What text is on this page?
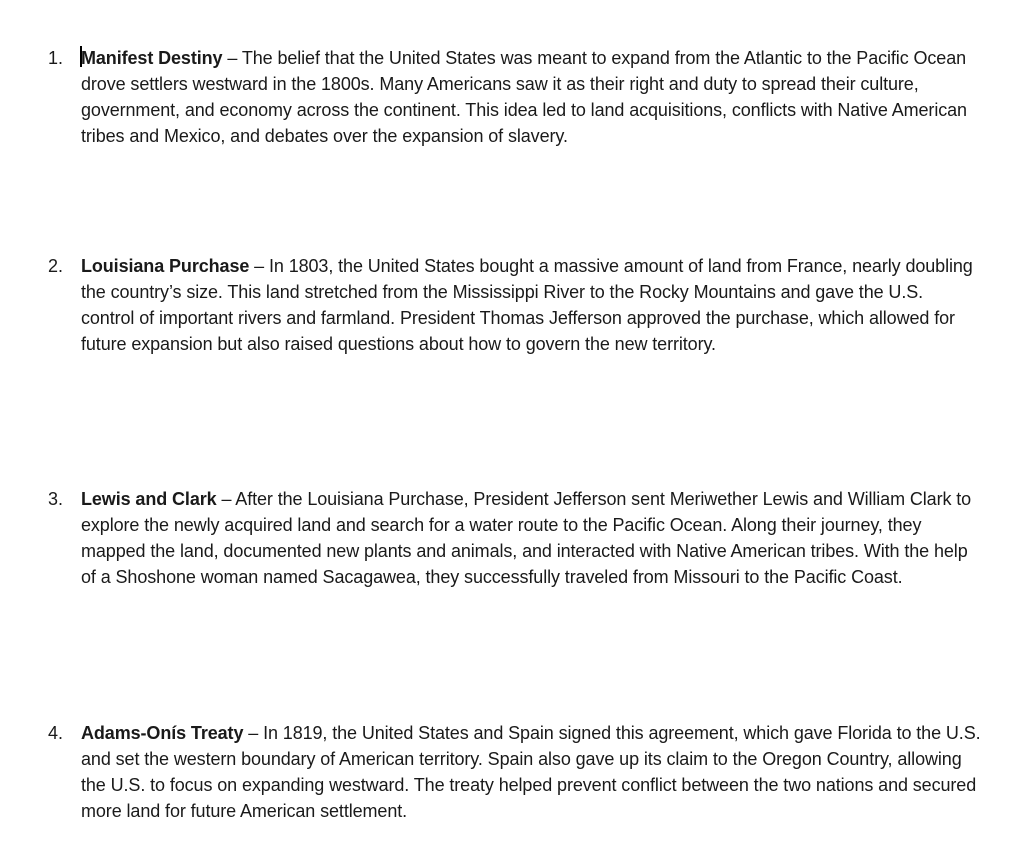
1. Manifest Destiny – The belief that the United States was meant to expand from the Atlantic to the Pacific Ocean drove settlers westward in the 1800s. Many Americans saw it as their right and duty to spread their culture, government, and economy across the continent. This idea led to land acquisitions, conflicts with Native American tribes and Mexico, and debates over the expansion of slavery.

2. Louisiana Purchase – In 1803, the United States bought a massive amount of land from France, nearly doubling the country’s size. This land stretched from the Mississippi River to the Rocky Mountains and gave the U.S. control of important rivers and farmland. President Thomas Jefferson approved the purchase, which allowed for future expansion but also raised questions about how to govern the new territory.

3. Lewis and Clark – After the Louisiana Purchase, President Jefferson sent Meriwether Lewis and William Clark to explore the newly acquired land and search for a water route to the Pacific Ocean. Along their journey, they mapped the land, documented new plants and animals, and interacted with Native American tribes. With the help of a Shoshone woman named Sacagawea, they successfully traveled from Missouri to the Pacific Coast.

4. Adams-Onís Treaty – In 1819, the United States and Spain signed this agreement, which gave Florida to the U.S. and set the western boundary of American territory. Spain also gave up its claim to the Oregon Country, allowing the U.S. to focus on expanding westward. The treaty helped prevent conflict between the two nations and secured more land for future American settlement.
